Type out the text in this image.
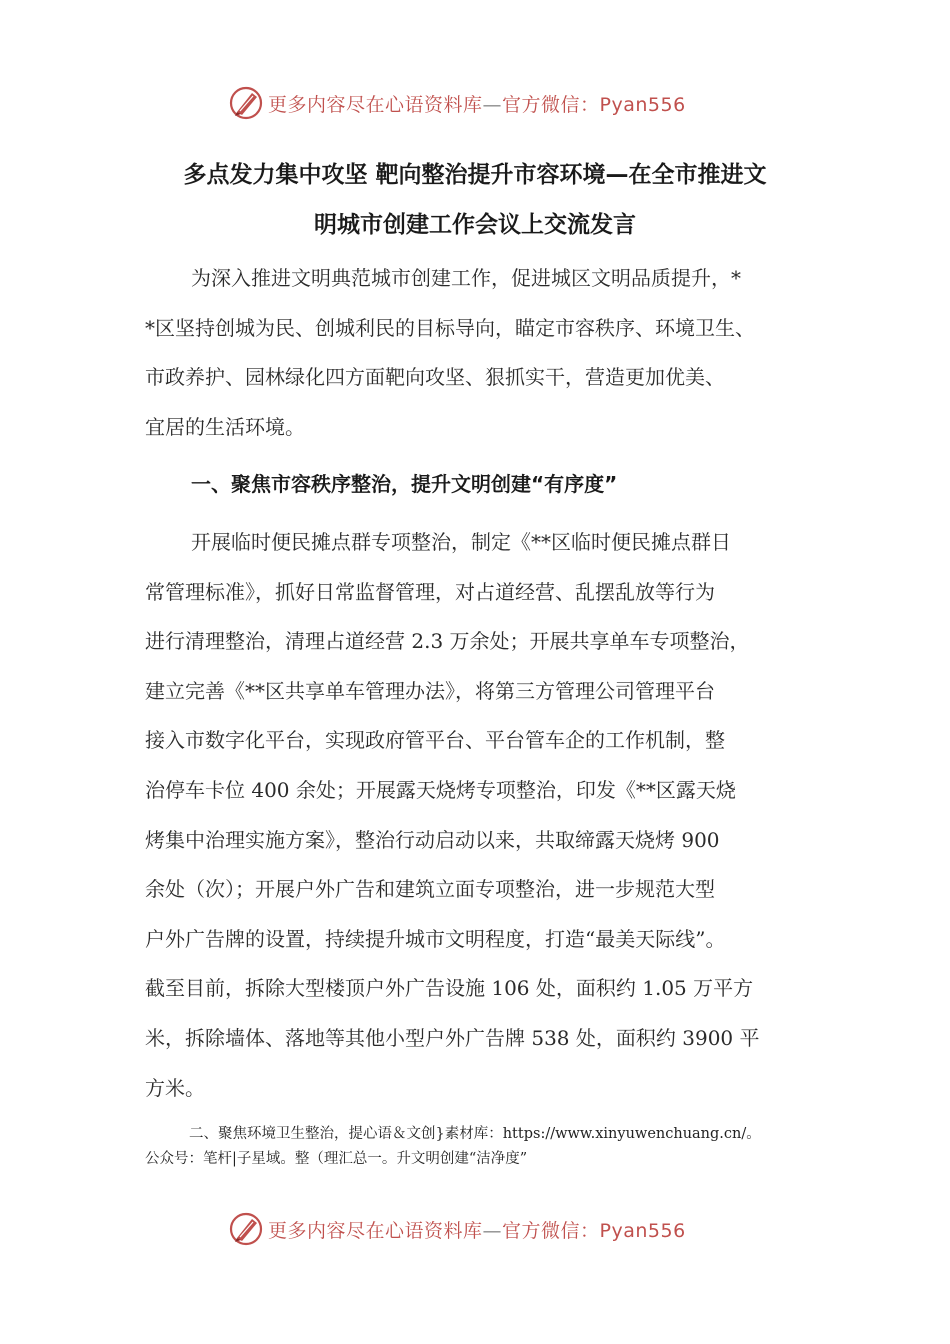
更多内容尽在心语资料库—官方微信：Pyan556
多点发力集中攻坚 靶向整治提升市容环境—在全市推进文
明城市创建工作会议上交流发言
为深入推进文明典范城市创建工作，促进城区文明品质提升，*
*区坚持创城为民、创城利民的目标导向，瞄定市容秩序、环境卫生、
市政养护、园林绿化四方面靶向攻坚、狠抓实干，营造更加优美、
宜居的生活环境。
一、聚焦市容秩序整治，提升文明创建“有序度”
开展临时便民摊点群专项整治，制定《**区临时便民摊点群日
常管理标准》，抓好日常监督管理，对占道经营、乱摆乱放等行为
进行清理整治，清理占道经营 2.3 万余处；开展共享单车专项整治，
建立完善《**区共享单车管理办法》，将第三方管理公司管理平台
接入市数字化平台，实现政府管平台、平台管车企的工作机制，整
治停车卡位 400 余处；开展露天烧烤专项整治，印发《**区露天烧
烤集中治理实施方案》，整治行动启动以来，共取缔露天烧烤 900
余处（次）；开展户外广告和建筑立面专项整治，进一步规范大型
户外广告牌的设置，持续提升城市文明程度，打造“最美天际线”。
截至目前，拆除大型楼顶户外广告设施 106 处，面积约 1.05 万平方
米，拆除墙体、落地等其他小型户外广告牌 538 处，面积约 3900 平
方米。
二、聚焦环境卫生整治，提心语＆文创}素材库：https://www.xinyuwenchuang.cn/。
公众号：笔杆|子星域。整（理汇总一。升文明创建“洁净度”
更多内容尽在心语资料库—官方微信：Pyan556
